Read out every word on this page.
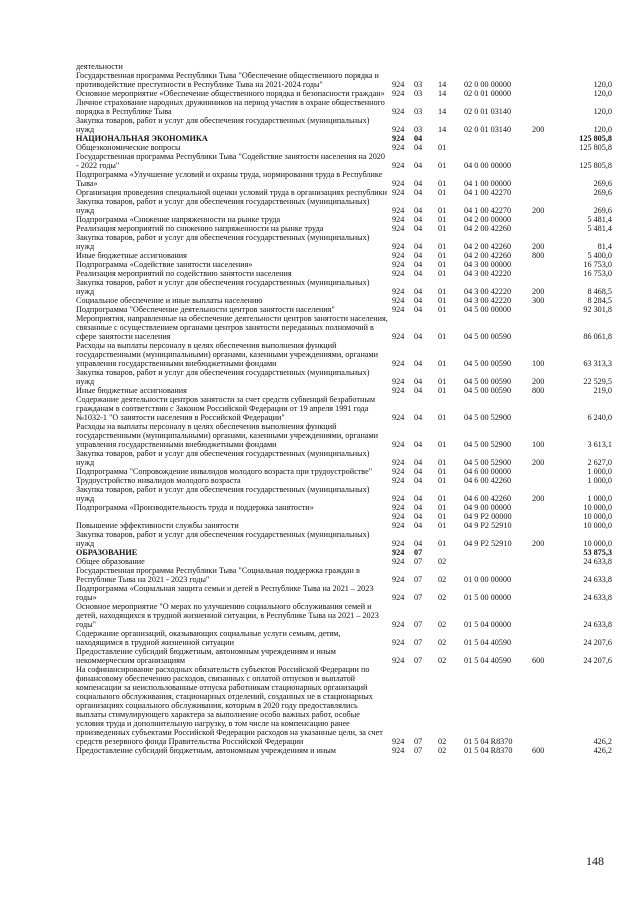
деятельности						
Государственная программа Республики Тыва "Обеспечение общественного порядка и противодействие преступности в Республике Тыва на 2021-2024 годы"	924	03	14	02 0 00 00000		120,0
Основное мероприятие «Обеспечение общественного порядка и безопасности граждан»	924	03	14	02 0 01 00000		120,0
Личное страхование народных дружинников на период участия в охране общественного порядка в Республике Тыва	924	03	14	02 0 01 03140		120,0
Закупка товаров, работ и услуг для обеспечения государственных (муниципальных) нужд	924	03	14	02 0 01 03140	200	120,0
НАЦИОНАЛЬНАЯ ЭКОНОМИКА	924	04				125 805,8
Общеэкономические вопросы	924	04	01			125 805,8
Государственная программа Республики Тыва "Содействие занятости населения на 2020 - 2022 годы"	924	04	01	04 0 00 00000		125 805,8
Подпрограмма «Улучшение условий и охраны труда, нормирования труда в Республике Тыва»	924	04	01	04 1 00 00000		269,6
Организация проведения специальной оценки условий труда в организациях республики	924	04	01	04 1 00 42270		269,6
Закупка товаров, работ и услуг для обеспечения государственных (муниципальных) нужд	924	04	01	04 1 00 42270	200	269,6
Подпрограмма «Снижение напряженности на рынке труда	924	04	01	04 2 00 00000		5 481,4
Реализация мероприятий по снижению напряженности на рынке труда	924	04	01	04 2 00 42260		5 481,4
Закупка товаров, работ и услуг для обеспечения государственных (муниципальных) нужд	924	04	01	04 2 00 42260	200	81,4
Иные бюджетные ассигнования	924	04	01	04 2 00 42260	800	5 400,0
Подпрограмма «Содействие занятости населения»	924	04	01	04 3 00 00000		16 753,0
Реализация мероприятий по содействию занятости населения	924	04	01	04 3 00 42220		16 753,0
Закупка товаров, работ и услуг для обеспечения государственных (муниципальных) нужд	924	04	01	04 3 00 42220	200	8 468,5
Социальное обеспечение и иные выплаты населению	924	04	01	04 3 00 42220	300	8 284,5
Подпрограмма "Обеспечение деятельности центров занятости населения"	924	04	01	04 5 00 00000		92 301,8
Мероприятия, направленные на обеспечение деятельности центров занятости населения, связанные с осуществлением органами центров занятости переданных полномочий в сфере занятости населения	924	04	01	04 5 00 00590		86 061,8
Расходы на выплаты персоналу в целях обеспечения выполнения функций государственными (муниципальными) органами, казенными учреждениями, органами управления государственными внебюджетными фондами	924	04	01	04 5 00 00590	100	63 313,3
Закупка товаров, работ и услуг для обеспечения государственных (муниципальных) нужд	924	04	01	04 5 00 00590	200	22 529,5
Иные бюджетные ассигнования	924	04	01	04 5 00 00590	800	219,0
Содержание деятельности центров занятости за счет средств субвенций безработным гражданам в соответствии с Законом Российской Федерации от 19 апреля 1991 года №1032-1 "О занятости населения в Российской Федерации"	924	04	01	04 5 00 52900		6 240,0
Расходы на выплаты персоналу в целях обеспечения выполнения функций государственными (муниципальными) органами, казенными учреждениями, органами управления государственными внебюджетными фондами	924	04	01	04 5 00 52900	100	3 613,1
Закупка товаров, работ и услуг для обеспечения государственных (муниципальных) нужд	924	04	01	04 5 00 52900	200	2 627,0
Подпрограмма "Сопровождение инвалидов молодого возраста при трудоустройстве"	924	04	01	04 6 00 00000		1 000,0
Трудоустройство инвалидов молодого возраста	924	04	01	04 6 00 42260		1 000,0
Закупка товаров, работ и услуг для обеспечения государственных (муниципальных) нужд	924	04	01	04 6 00 42260	200	1 000,0
Подпрограмма «Производительность труда и поддержка занятости»	924	04	01	04 9 00 00000		10 000,0
	924	04	01	04 9 P2 00000		10 000,0
Повышение эффективности службы занятости	924	04	01	04 9 P2 52910		10 000,0
Закупка товаров, работ и услуг для обеспечения государственных (муниципальных) нужд	924	04	01	04 9 P2 52910	200	10 000,0
ОБРАЗОВАНИЕ	924	07				53 875,3
Общее образование	924	07	02			24 633,8
Государственная программа Республики Тыва "Социальная поддержка граждан в Республике Тыва на 2021 - 2023 годы"	924	07	02	01 0 00 00000		24 633,8
Подпрограмма «Социальная защита семьи и детей в Республике Тыва на 2021 – 2023 годы»	924	07	02	01 5 00 00000		24 633,8
Основное мероприятие "О мерах по улучшению социального обслуживания семей и детей, находящихся в трудной жизненной ситуации, в Республике Тыва на 2021 – 2023 годы"	924	07	02	01 5 04 00000		24 633,8
Содержание организаций, оказывающих социальные услуги семьям, детям, находящимся в трудной жизненной ситуации	924	07	02	01 5 04 40590		24 207,6
Предоставление субсидий бюджетным, автономным учреждениям и иным некоммерческим организациям	924	07	02	01 5 04 40590	600	24 207,6
На софинансирование расходных обязательств субъектов Российской Федерации по финансовому обеспечению расходов, связанных с оплатой отпусков и выплатой компенсации за неиспользованные отпуска работникам стационарных организаций социального обслуживания, стационарных отделений, созданных не в стационарных организациях социального обслуживания, которым в 2020 году предоставлялись выплаты стимулирующего характера за выполнение особо важных работ, особые условия труда и дополнительную нагрузку, в том числе на компенсацию ранее произведенных субъектами Российской Федерации расходов на указанные цели, за счет средств резервного фонда Правительства Российской Федерации	924	07	02	01 5 04 R8370		426,2
Предоставление субсидий бюджетным, автономным учреждениям и иным	924	07	02	01 5 04 R8370	600	426,2
148
